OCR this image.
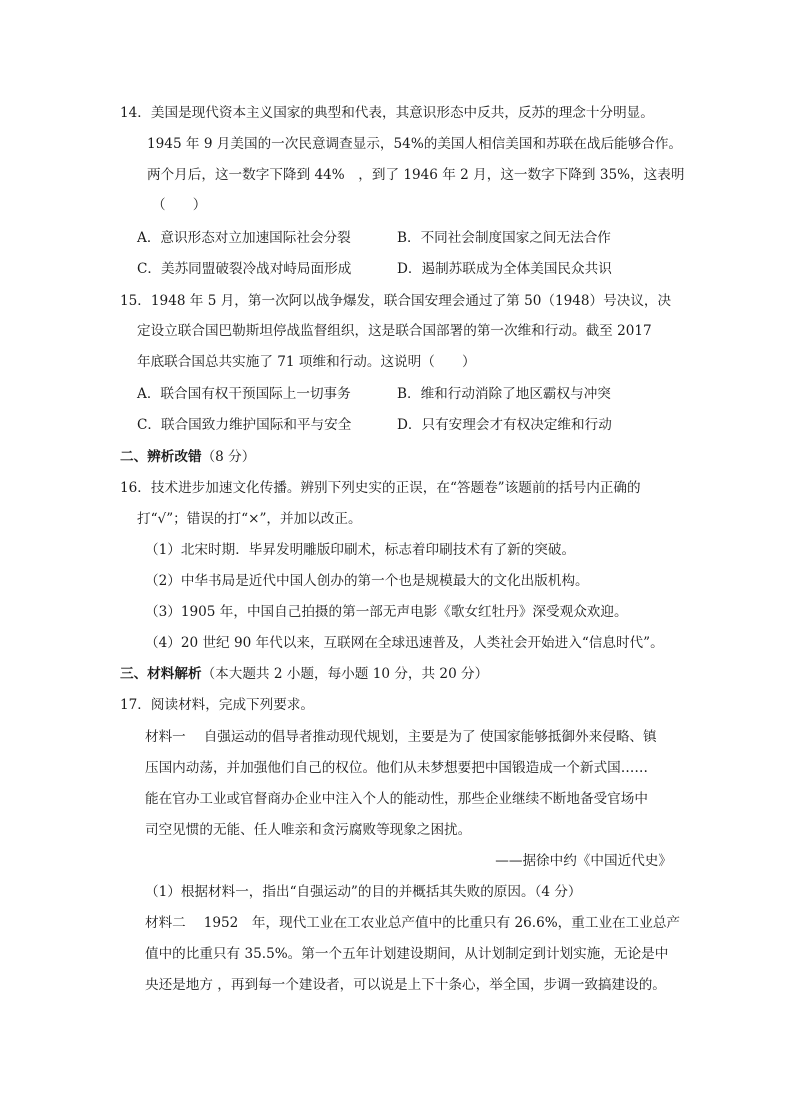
14．美国是现代资本主义国家的典型和代表，其意识形态中反共，反苏的理念十分明显。
1945 年 9 月美国的一次民意调查显示，54%的美国人相信美国和苏联在战后能够合作。
两个月后，这一数字下降到 44%　，到了 1946 年 2 月，这一数字下降到 35%，这表明
（　　）
A．意识形态对立加速国际社会分裂	B．不同社会制度国家之间无法合作
C．美苏同盟破裂冷战对峙局面形成	D．遏制苏联成为全体美国民众共识
15．1948 年 5 月，第一次阿以战争爆发，联合国安理会通过了第 50（1948）号决议，决
定设立联合国巴勒斯坦停战监督组织，这是联合国部署的第一次维和行动。截至 2017
年底联合国总共实施了 71 项维和行动。这说明（　　）
A．联合国有权干预国际上一切事务	B．维和行动消除了地区霸权与冲突
C．联合国致力维护国际和平与安全	D．只有安理会才有权决定维和行动
二、辨析改错（8 分）
16．技术进步加速文化传播。辨别下列史实的正误，在“答题卷”该题前的括号内正确的
打“√”；错误的打“×”，并加以改正。
（1）北宋时期．毕昇发明雕版印刷术，标志着印刷技术有了新的突破。
（2）中华书局是近代中国人创办的第一个也是规模最大的文化出版机构。
（3）1905 年，中国自己拍摄的第一部无声电影《歌女红牡丹》深受观众欢迎。
（4）20 世纪 90 年代以来，互联网在全球迅速普及，人类社会开始进入“信息时代”。
三、材料解析（本大题共 2 小题，每小题 10 分，共 20 分）
17．阅读材料，完成下列要求。
材料一　 自强运动的倡导者推动现代规划，主要是为了 使国家能够抵御外来侵略、镇
压国内动荡，并加强他们自己的权位。他们从未梦想要把中国锻造成一个新式国……
能在官办工业或官督商办企业中注入个人的能动性，那些企业继续不断地备受官场中
司空见惯的无能、任人唯亲和贪污腐败等现象之困扰。
——据徐中约《中国近代史》
（1）根据材料一，指出“自强运动”的目的并概括其失败的原因。（4 分）
材料二　 1952　年，现代工业在工农业总产值中的比重只有 26.6%，重工业在工业总产
值中的比重只有 35.5%。第一个五年计划建设期间，从计划制定到计划实施，无论是中
央还是地方 ，再到每一个建设者，可以说是上下十条心，举全国，步调一致搞建设的。
